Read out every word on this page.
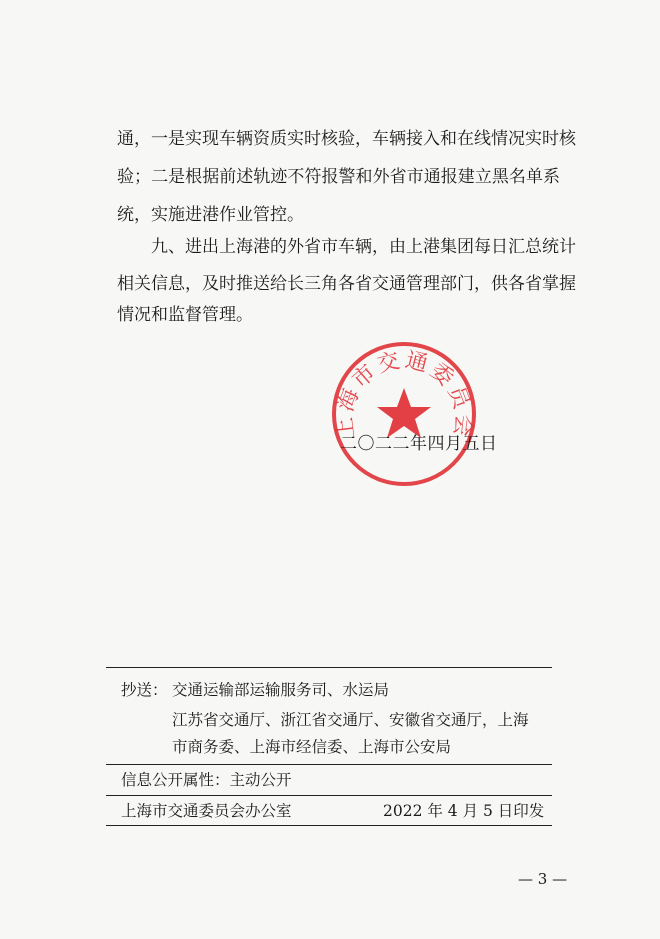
通，一是实现车辆资质实时核验，车辆接入和在线情况实时核
验；二是根据前述轨迹不符报警和外省市通报建立黑名单系
统，实施进港作业管控。
九、进出上海港的外省市车辆，由上港集团每日汇总统计
相关信息，及时推送给长三角各省交通管理部门，供各省掌握
情况和监督管理。
上海市交通委员会
二〇二二年四月五日
抄送： 交通运输部运输服务司、水运局
江苏省交通厅、浙江省交通厅、安徽省交通厅，上海
市商务委、上海市经信委、上海市公安局
信息公开属性：主动公开
上海市交通委员会办公室	2022 年 4 月 5 日印发
— 3 —
